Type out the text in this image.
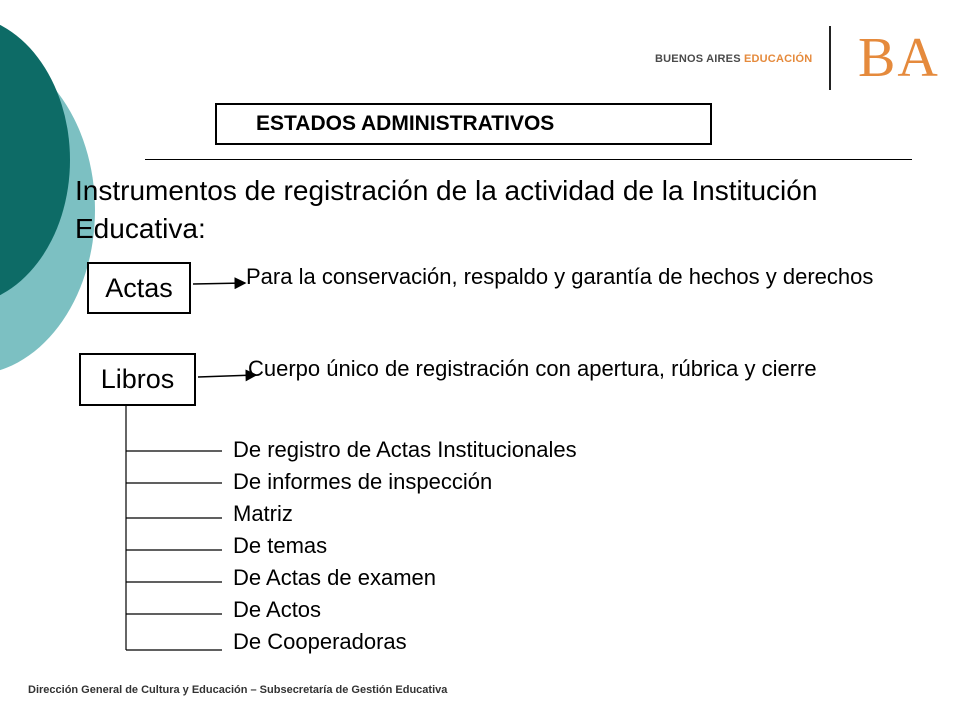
BUENOS AIRES EDUCACIÓN BA
ESTADOS ADMINISTRATIVOS
Instrumentos de registración de la actividad de la Institución Educativa:
Actas	Para la conservación, respaldo y garantía de hechos y derechos
Libros	Cuerpo único de registración con apertura, rúbrica y cierre
De registro de Actas Institucionales
De informes de inspección
Matriz
De temas
De Actas de examen
De Actos
De Cooperadoras
Dirección General de Cultura y Educación – Subsecretaría de Gestión Educativa
